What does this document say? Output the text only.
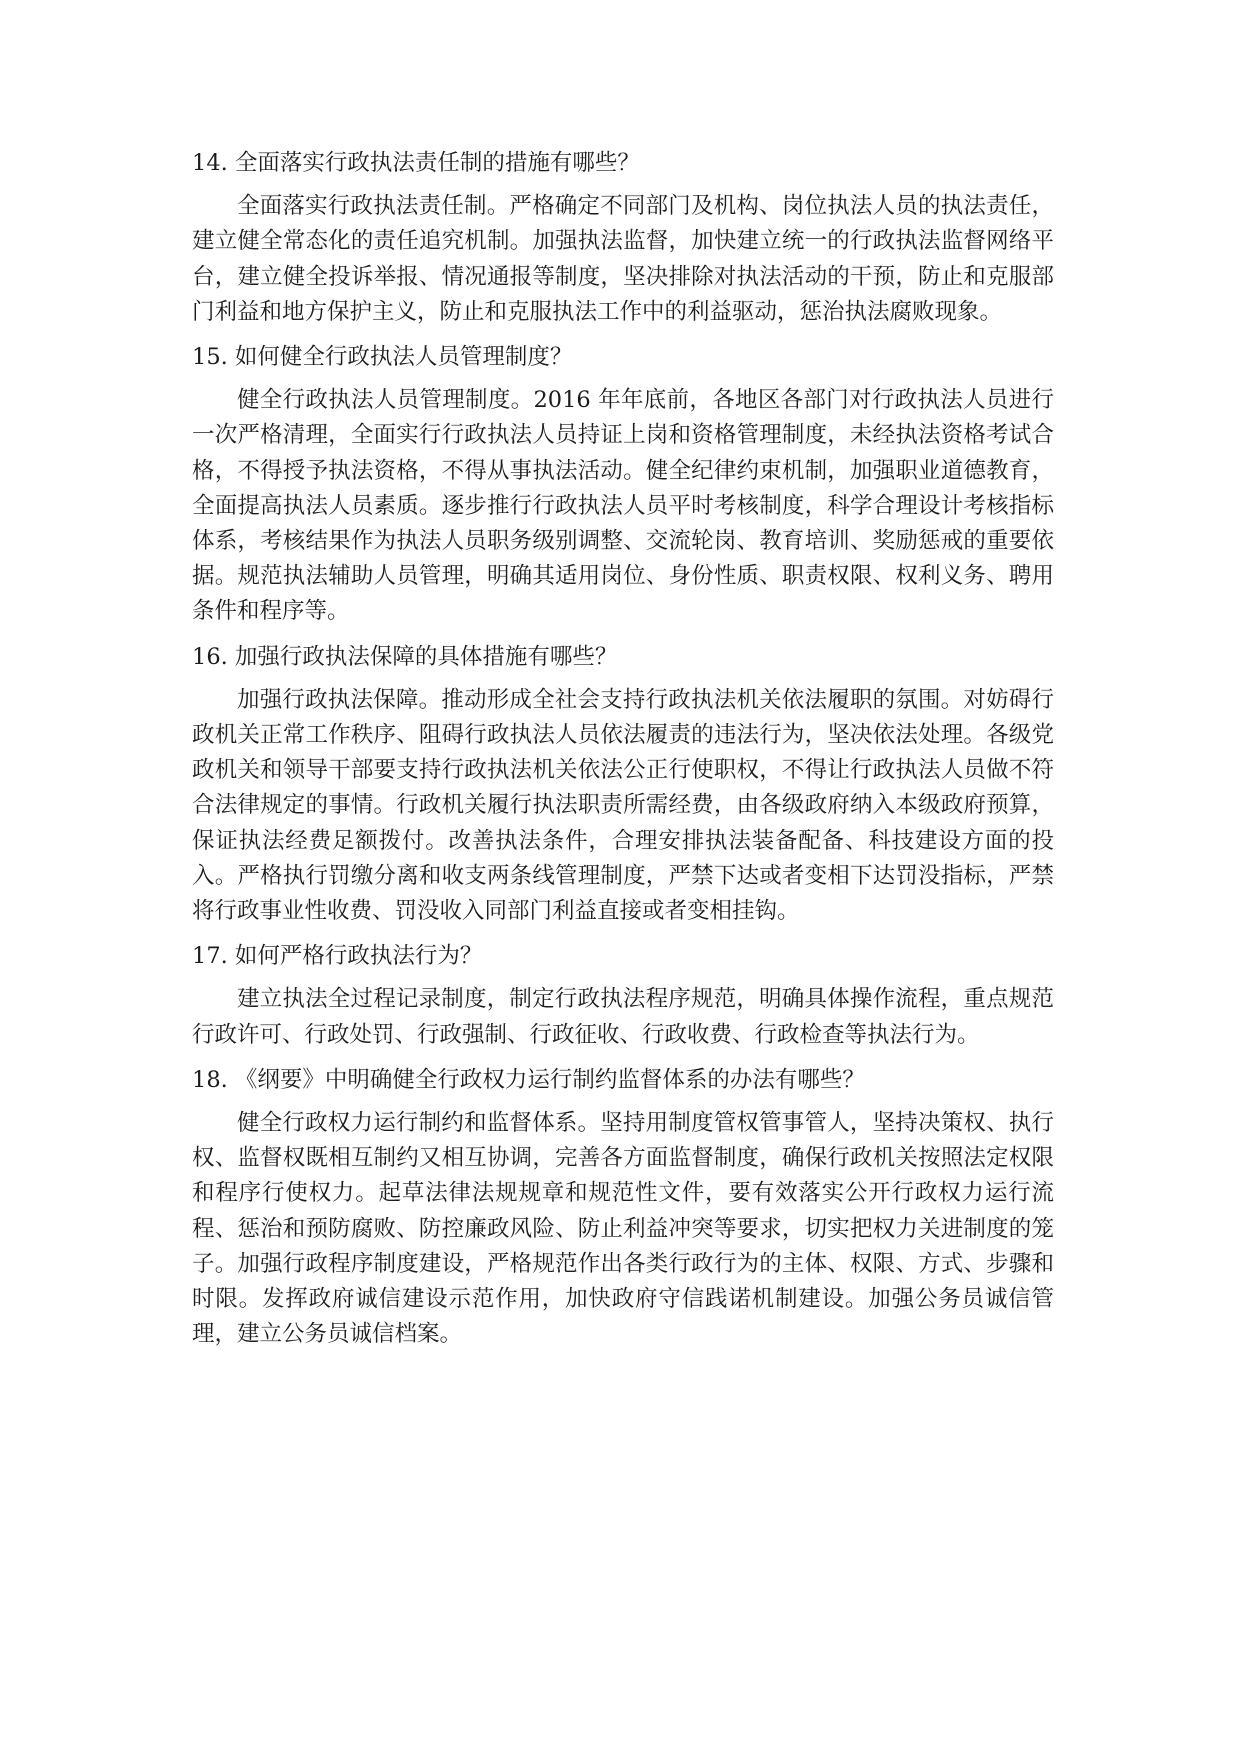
14. 全面落实行政执法责任制的措施有哪些？

全面落实行政执法责任制。严格确定不同部门及机构、岗位执法人员的执法责任，建立健全常态化的责任追究机制。加强执法监督，加快建立统一的行政执法监督网络平台，建立健全投诉举报、情况通报等制度，坚决排除对执法活动的干预，防止和克服部门利益和地方保护主义，防止和克服执法工作中的利益驱动，惩治执法腐败现象。

15. 如何健全行政执法人员管理制度？

健全行政执法人员管理制度。2016 年年底前，各地区各部门对行政执法人员进行一次严格清理，全面实行行政执法人员持证上岗和资格管理制度，未经执法资格考试合格，不得授予执法资格，不得从事执法活动。健全纪律约束机制，加强职业道德教育，全面提高执法人员素质。逐步推行行政执法人员平时考核制度，科学合理设计考核指标体系，考核结果作为执法人员职务级别调整、交流轮岗、教育培训、奖励惩戒的重要依据。规范执法辅助人员管理，明确其适用岗位、身份性质、职责权限、权利义务、聘用条件和程序等。

16. 加强行政执法保障的具体措施有哪些？

加强行政执法保障。推动形成全社会支持行政执法机关依法履职的氛围。对妨碍行政机关正常工作秩序、阻碍行政执法人员依法履责的违法行为，坚决依法处理。各级党政机关和领导干部要支持行政执法机关依法公正行使职权，不得让行政执法人员做不符合法律规定的事情。行政机关履行执法职责所需经费，由各级政府纳入本级政府预算，保证执法经费足额拨付。改善执法条件，合理安排执法装备配备、科技建设方面的投入。严格执行罚缴分离和收支两条线管理制度，严禁下达或者变相下达罚没指标，严禁将行政事业性收费、罚没收入同部门利益直接或者变相挂钩。

17. 如何严格行政执法行为？

建立执法全过程记录制度，制定行政执法程序规范，明确具体操作流程，重点规范行政许可、行政处罚、行政强制、行政征收、行政收费、行政检查等执法行为。

18. 《纲要》中明确健全行政权力运行制约监督体系的办法有哪些？

健全行政权力运行制约和监督体系。坚持用制度管权管事管人，坚持决策权、执行权、监督权既相互制约又相互协调，完善各方面监督制度，确保行政机关按照法定权限和程序行使权力。起草法律法规规章和规范性文件，要有效落实公开行政权力运行流程、惩治和预防腐败、防控廉政风险、防止利益冲突等要求，切实把权力关进制度的笼子。加强行政程序制度建设，严格规范作出各类行政行为的主体、权限、方式、步骤和时限。发挥政府诚信建设示范作用，加快政府守信践诺机制建设。加强公务员诚信管理，建立公务员诚信档案。
